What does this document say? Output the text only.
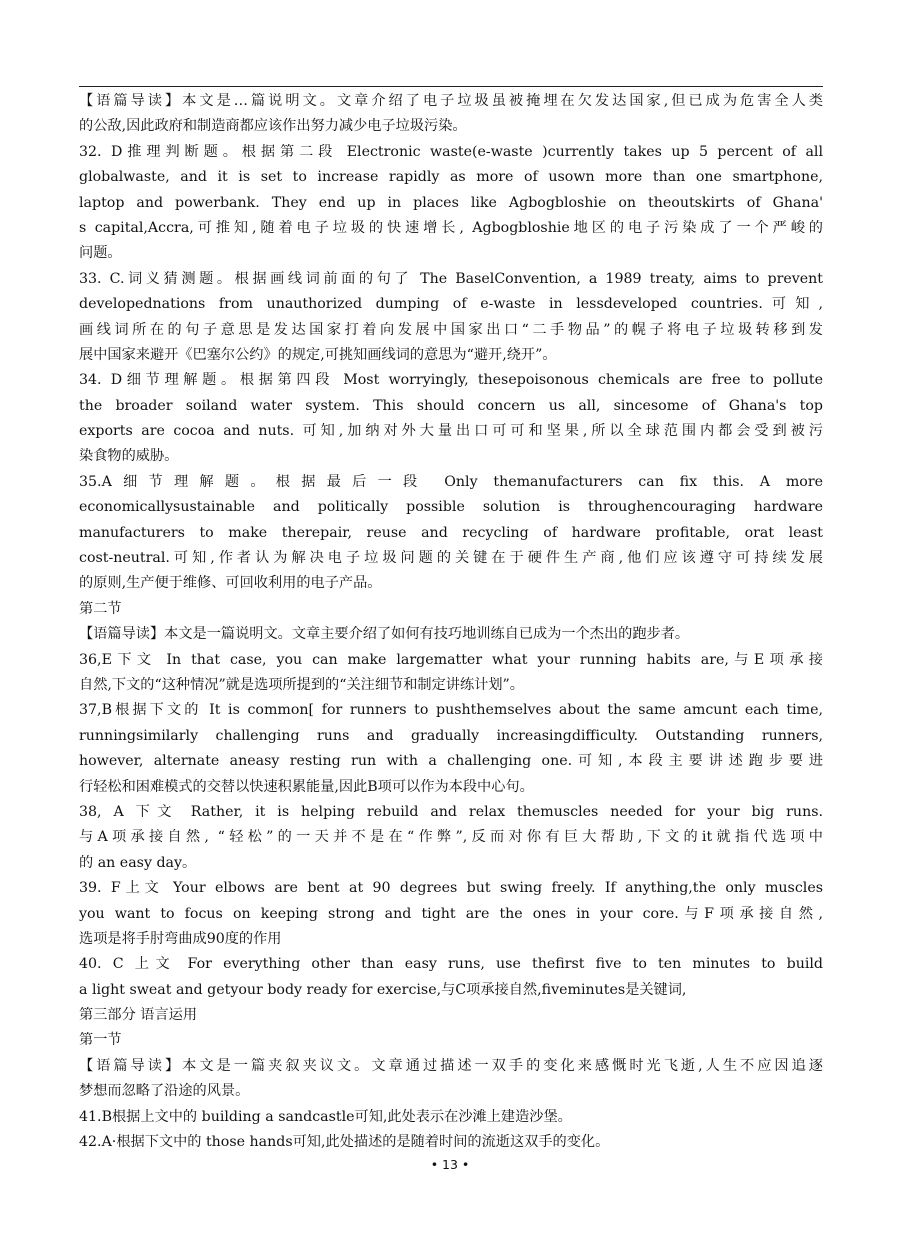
【语篇导读】本文是…篇说明文。文章介绍了电子垃圾虽被掩埋在欠发达国家,但已成为危害全人类
的公敌,因此政府和制造商都应该作出努力减少电子垃圾污染。
32. D推理判断题。根据第二段 Electronic waste(e-waste )currently takes up 5 percent of all
globalwaste, and it is set to increase rapidly as more of usown more than one smartphone,
laptop and powerbank. They end up in places like Agbogbloshie on theoutskirts of Ghana'
s capital,Accra,可推知,随着电子垃圾的快速增长, Agbogbloshie地区的电子污染成了一个严峻的
问题。
33. C.词义猜测题。根据画线词前面的句了 The BaselConvention, a 1989 treaty, aims to prevent
developednations from unauthorized dumping of e-waste in lessdeveloped countries.可知,
画线词所在的句子意思是发达国家打着向发展中国家出口“二手物品”的幌子将电子垃圾转移到发
展中国家来避开《巴塞尔公约》的规定,可挑知画线词的意思为“避开,绕开”。
34. D细节理解题。根据第四段 Most worryingly, thesepoisonous chemicals are free to pollute
the broader soiland water system. This should concern us all, sincesome of Ghana's top
exports are cocoa and nuts. 可知,加纳对外大量出口可可和坚果,所以全球范围内都会受到被污
染食物的威胁。
35.A细节理解题。根据最后一段 Only themanufacturers can fix this. A more
economicallysustainable and politically possible solution is throughencouraging hardware
manufacturers to make therepair, reuse and recycling of hardware profitable, orat least
cost-neutral.可知,作者认为解决电子垃圾问题的关键在于硬件生产商,他们应该遵守可持续发展
的原则,生产便于维修、可回收利用的电子产品。
第二节
【语篇导读】本文是一篇说明文。文章主要介绍了如何有技巧地训练自已成为一个杰出的跑步者。
36,E下文 In that case, you can make largematter what your running habits are,与E项承接
自然,下文的“这种情况”就是选项所提到的“关注细节和制定讲练计划”。
37,B根据下文的 It is common[ for runners to pushthemselves about the same amcunt each time,
runningsimilarly challenging runs and gradually increasingdifficulty. Outstanding runners,
however, alternate aneasy resting run with a challenging one.可知,本段主要讲述跑步要进
行轻松和困难模式的交替以快速积累能量,因此B项可以作为本段中心句。
38, A 下文 Rather, it is helping rebuild and relax themuscles needed for your big runs.
与A项承接自然, “轻松”的一天并不是在“作弊”,反而对你有巨大帮助,下文的it就指代选项中
的 an easy day。
39. F上文 Your elbows are bent at 90 degrees but swing freely. If anything,the only muscles
you want to focus on keeping strong and tight are the ones in your core.与F项承接自然,
选项是将手肘弯曲成90度的作用
40. C 上文 For everything other than easy runs, use thefirst five to ten minutes to build
a light sweat and getyour body ready for exercise,与C项承接自然,fiveminutes是关键词,
第三部分 语言运用
第一节
【语篇导读】本文是一篇夹叙夹议文。文章通过描述一双手的变化来感慨时光飞逝,人生不应因追逐
梦想而忽略了沿途的风景。
41.B根据上文中的 building a sandcastle可知,此处表示在沙滩上建造沙堡。
42.A·根据下文中的 those hands可知,此处描述的是随着时间的流逝这双手的变化。
• 13 •
